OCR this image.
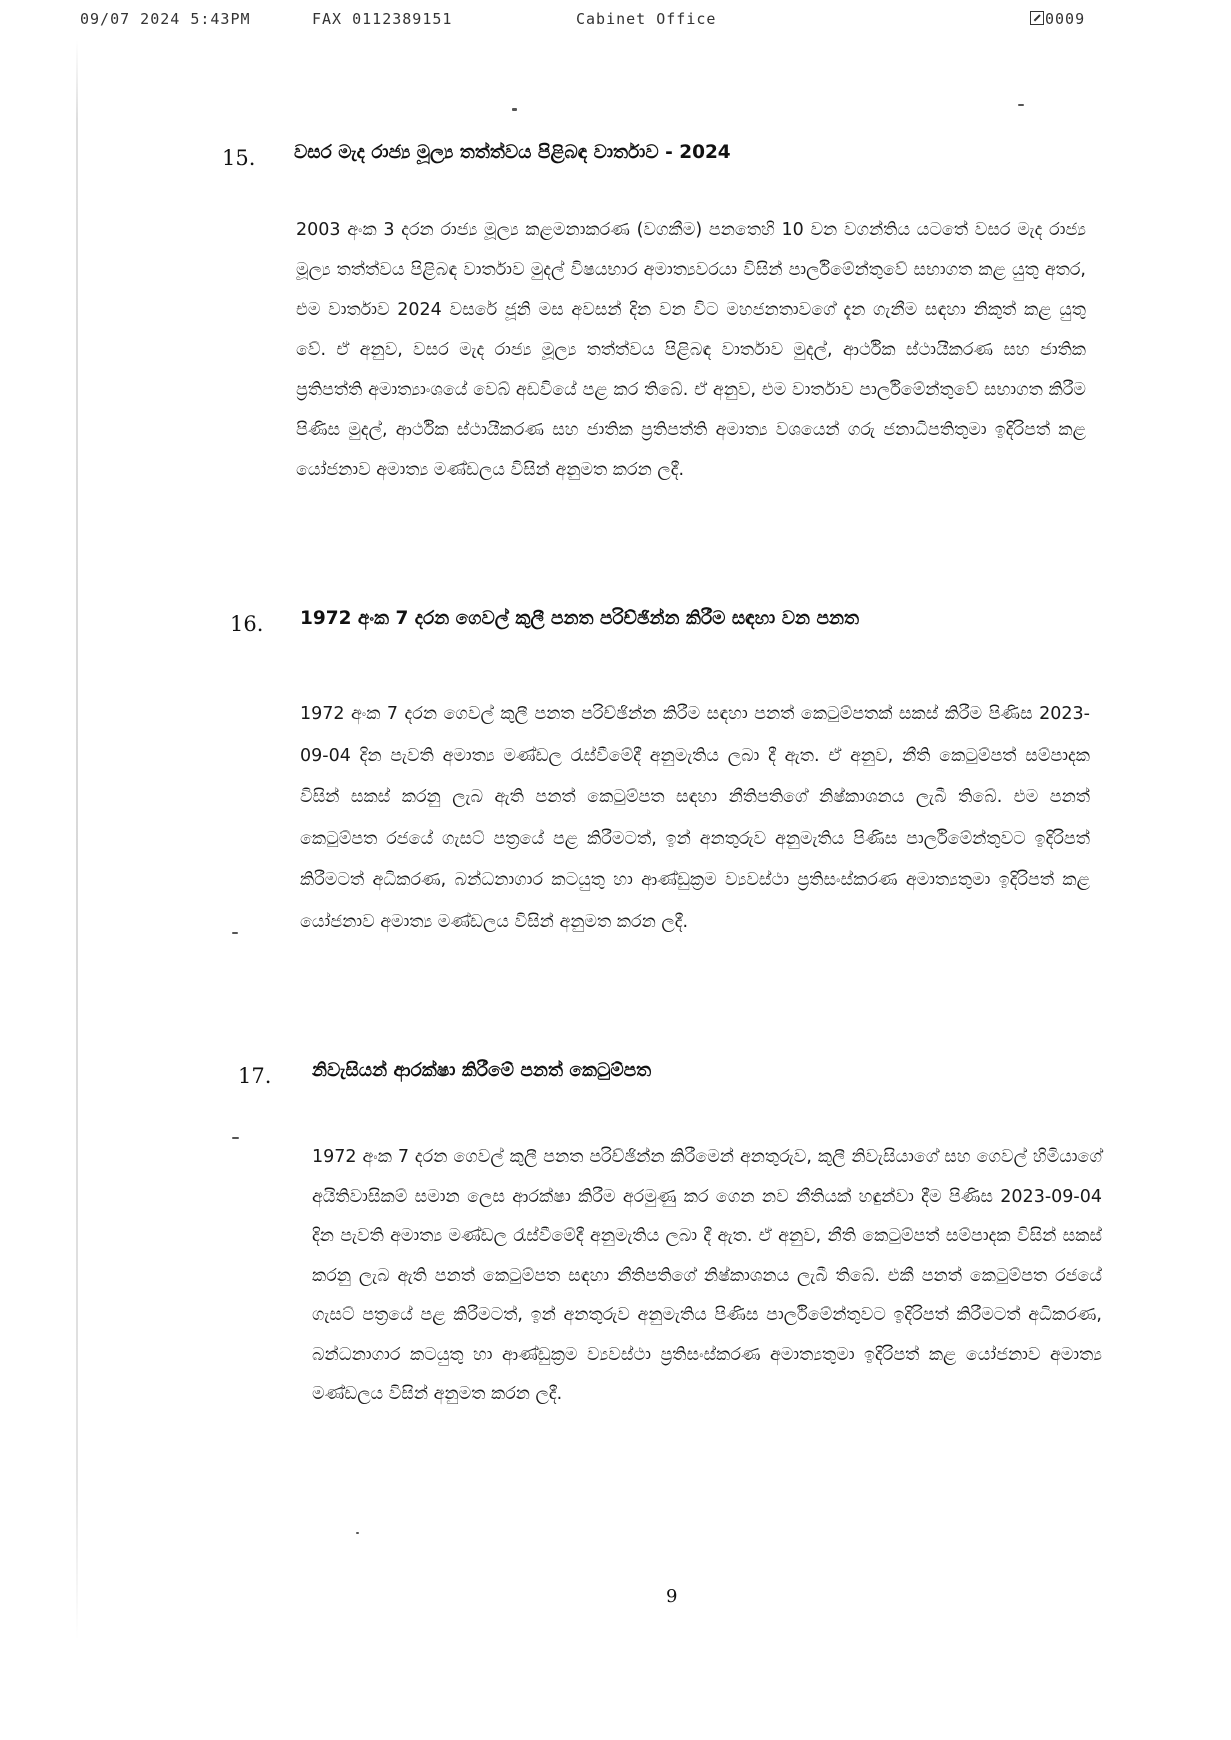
09/07 2024 5:43PM	FAX 0112389151	Cabinet Office	0009
15. වසර මැද රාජ්‍ය මූල්‍ය තත්ත්වය පිළිබඳ වාර්තාව - 2024

2003 අංක 3 දරන රාජ්‍ය මූල්‍ය කළමනාකරණ (වගකීම) පනතෙහි 10 වන වගන්තිය යටතේ වසර මැද රාජ්‍ය මූල්‍ය තත්ත්වය පිළිබඳ වාර්තාව මුදල් විෂයභාර අමාත්‍යවරයා විසින් පාර්ලිමේන්තුවේ සභාගත කළ යුතු අතර, එම වාර්තාව 2024 වසරේ ජූනි මස අවසන් දින වන විට මහජනතාවගේ දැන ගැනීම සඳහා නිකුත් කළ යුතු වේ. ඒ අනුව, වසර මැද රාජ්‍ය මූල්‍ය තත්ත්වය පිළිබඳ වාර්තාව මුදල්, ආර්ථික ස්ථායීකරණ සහ ජාතික ප්‍රතිපත්ති අමාත්‍යාංශයේ වෙබ් අඩවියේ පළ කර තිබේ. ඒ අනුව, එම වාර්තාව පාර්ලිමේන්තුවේ සභාගත කිරීම පිණිස මුදල්, ආර්ථික ස්ථායීකරණ සහ ජාතික ප්‍රතිපත්ති අමාත්‍ය වශයෙන් ගරු ජනාධිපතිතුමා ඉදිරිපත් කළ යෝජනාව අමාත්‍ය මණ්ඩලය විසින් අනුමත කරන ලදී.

16. 1972 අංක 7 දරන ගෙවල් කුලී පනත පරිච්ඡින්න කිරීම සඳහා වන පනත

1972 අංක 7 දරන ගෙවල් කුලී පනත පරිච්ඡින්න කිරීම සඳහා පනත් කෙටුම්පතක් සකස් කිරීම පිණිස 2023-09-04 දින පැවති අමාත්‍ය මණ්ඩල රැස්වීමේදී අනුමැතිය ලබා දී ඇත. ඒ අනුව, නීති කෙටුම්පත් සම්පාදක විසින් සකස් කරනු ලැබ ඇති පනත් කෙටුම්පත සඳහා නීතිපතිගේ නිෂ්කාශනය ලැබී තිබේ. එම පනත් කෙටුම්පත රජයේ ගැසට් පත්‍රයේ පළ කිරීමටත්, ඉන් අනතුරුව අනුමැතිය පිණිස පාර්ලිමේන්තුවට ඉදිරිපත් කිරීමටත් අධිකරණ, බන්ධනාගාර කටයුතු හා ආණ්ඩුක්‍රම ව්‍යවස්ථා ප්‍රතිසංස්කරණ අමාත්‍යතුමා ඉදිරිපත් කළ යෝජනාව අමාත්‍ය මණ්ඩලය විසින් අනුමත කරන ලදී.

17. නිවැසියන් ආරක්ෂා කිරීමේ පනත් කෙටුම්පත

1972 අංක 7 දරන ගෙවල් කුලී පනත පරිච්ඡින්න කිරීමෙන් අනතුරුව, කුලී නිවැසියාගේ සහ ගෙවල් හිමියාගේ අයිතිවාසිකම් සමාන ලෙස ආරක්ෂා කිරීම අරමුණු කර ගෙන නව නීතියක් හඳුන්වා දීම පිණිස 2023-09-04 දින පැවති අමාත්‍ය මණ්ඩල රැස්වීමේදී අනුමැතිය ලබා දී ඇත. ඒ අනුව, නීති කෙටුම්පත් සම්පාදක විසින් සකස් කරනු ලැබ ඇති පනත් කෙටුම්පත සඳහා නීතිපතිගේ නිෂ්කාශනය ලැබී තිබේ. එකී පනත් කෙටුම්පත රජයේ ගැසට් පත්‍රයේ පළ කිරීමටත්, ඉන් අනතුරුව අනුමැතිය පිණිස පාර්ලිමේන්තුවට ඉදිරිපත් කිරීමටත් අධිකරණ, බන්ධනාගාර කටයුතු හා ආණ්ඩුක්‍රම ව්‍යවස්ථා ප්‍රතිසංස්කරණ අමාත්‍යතුමා ඉදිරිපත් කළ යෝජනාව අමාත්‍ය මණ්ඩලය විසින් අනුමත කරන ලදී.

9
